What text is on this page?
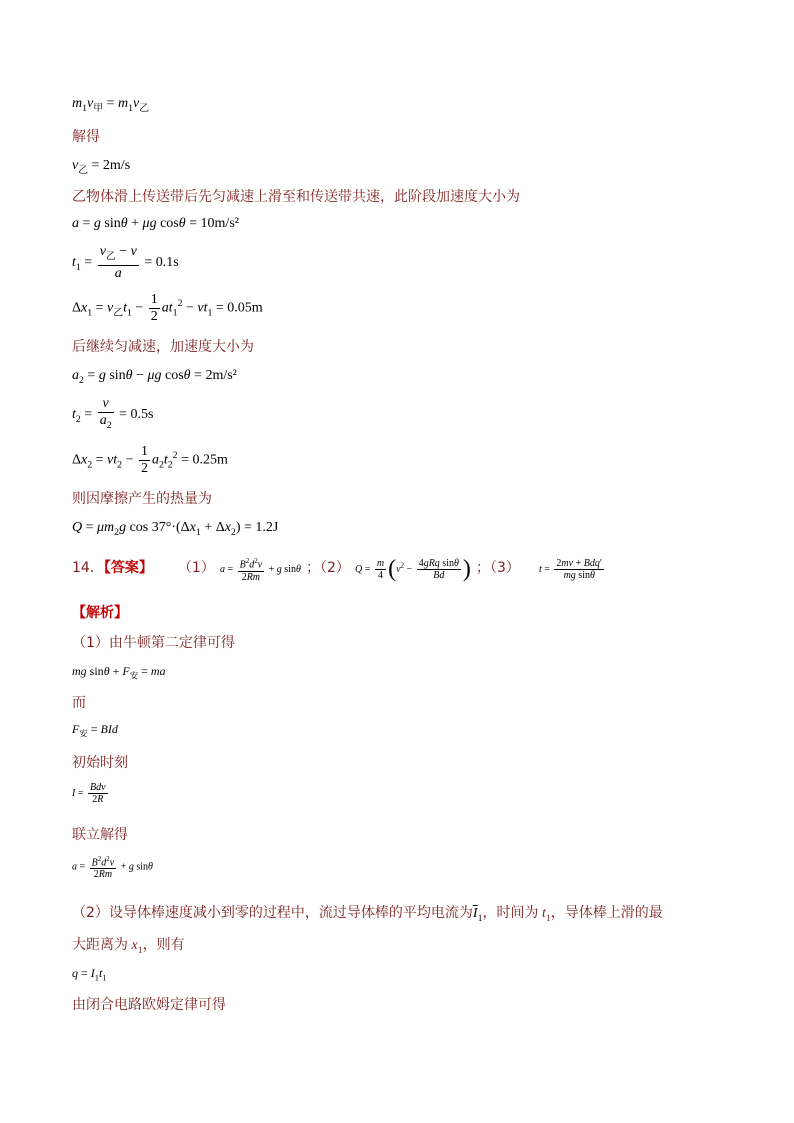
$m_1v_甲 = m_1v_乙$
解得
$v_乙 = 2m/s$
乙物体滑上传送带后先匀减速上滑至和传送带共速，此阶段加速度大小为
a = g sinθ + μg cosθ = 10m/s²
$t_1 = \frac{v_乙 - v}{a} = 0.1s$
$\Delta x_1 = v_乙t_1 - \frac{1}{2} at_1^2 - vt_1 = 0.05m$
后继续匀减速，加速度大小为
$a_2 = g$ sinθ − μg cosθ = 2m/s²
$t_2 = \frac{v}{a_2} = 0.5s$
$\Delta x_2 = vt_2 - \frac{1}{2} a_2t_2^2 = 0.25m$
则因摩擦产生的热量为
$Q = \mu m_2g$ $\cos 37^\circ\cdot(\Delta x_1 + \Delta x_2) = 1.2J$
14．【答案】 （1） $a = \frac{B^2d^2v}{2Rm} + g$ sinθ ；（2） $Q = \frac{m}{4} (v^2 - \frac{\text{4gRq sinθ}}{Bd}$ ) ；（3） $t = \frac{\text{2mv + Bdq′}}{\text{mg sinθ}}$
【解析】
（1）由牛顿第二定律可得
mg $\sin\theta + F_安$ = ma
而
$F_安$ = BId
初始时刻
$I = \frac{\text{Bdv}}{2R}$
联立解得
$a = \frac{B^2d^2v}{2Rm} + g$ sinθ
（2）设导体棒速度减小到零的过程中，流过导体棒的平均电流为$\overline{I}_1$，时间为 $t_1$，导体棒上滑的最
大距离为 $x_1$，则有
$q = I_1t_1$
由闭合电路欧姆定律可得
